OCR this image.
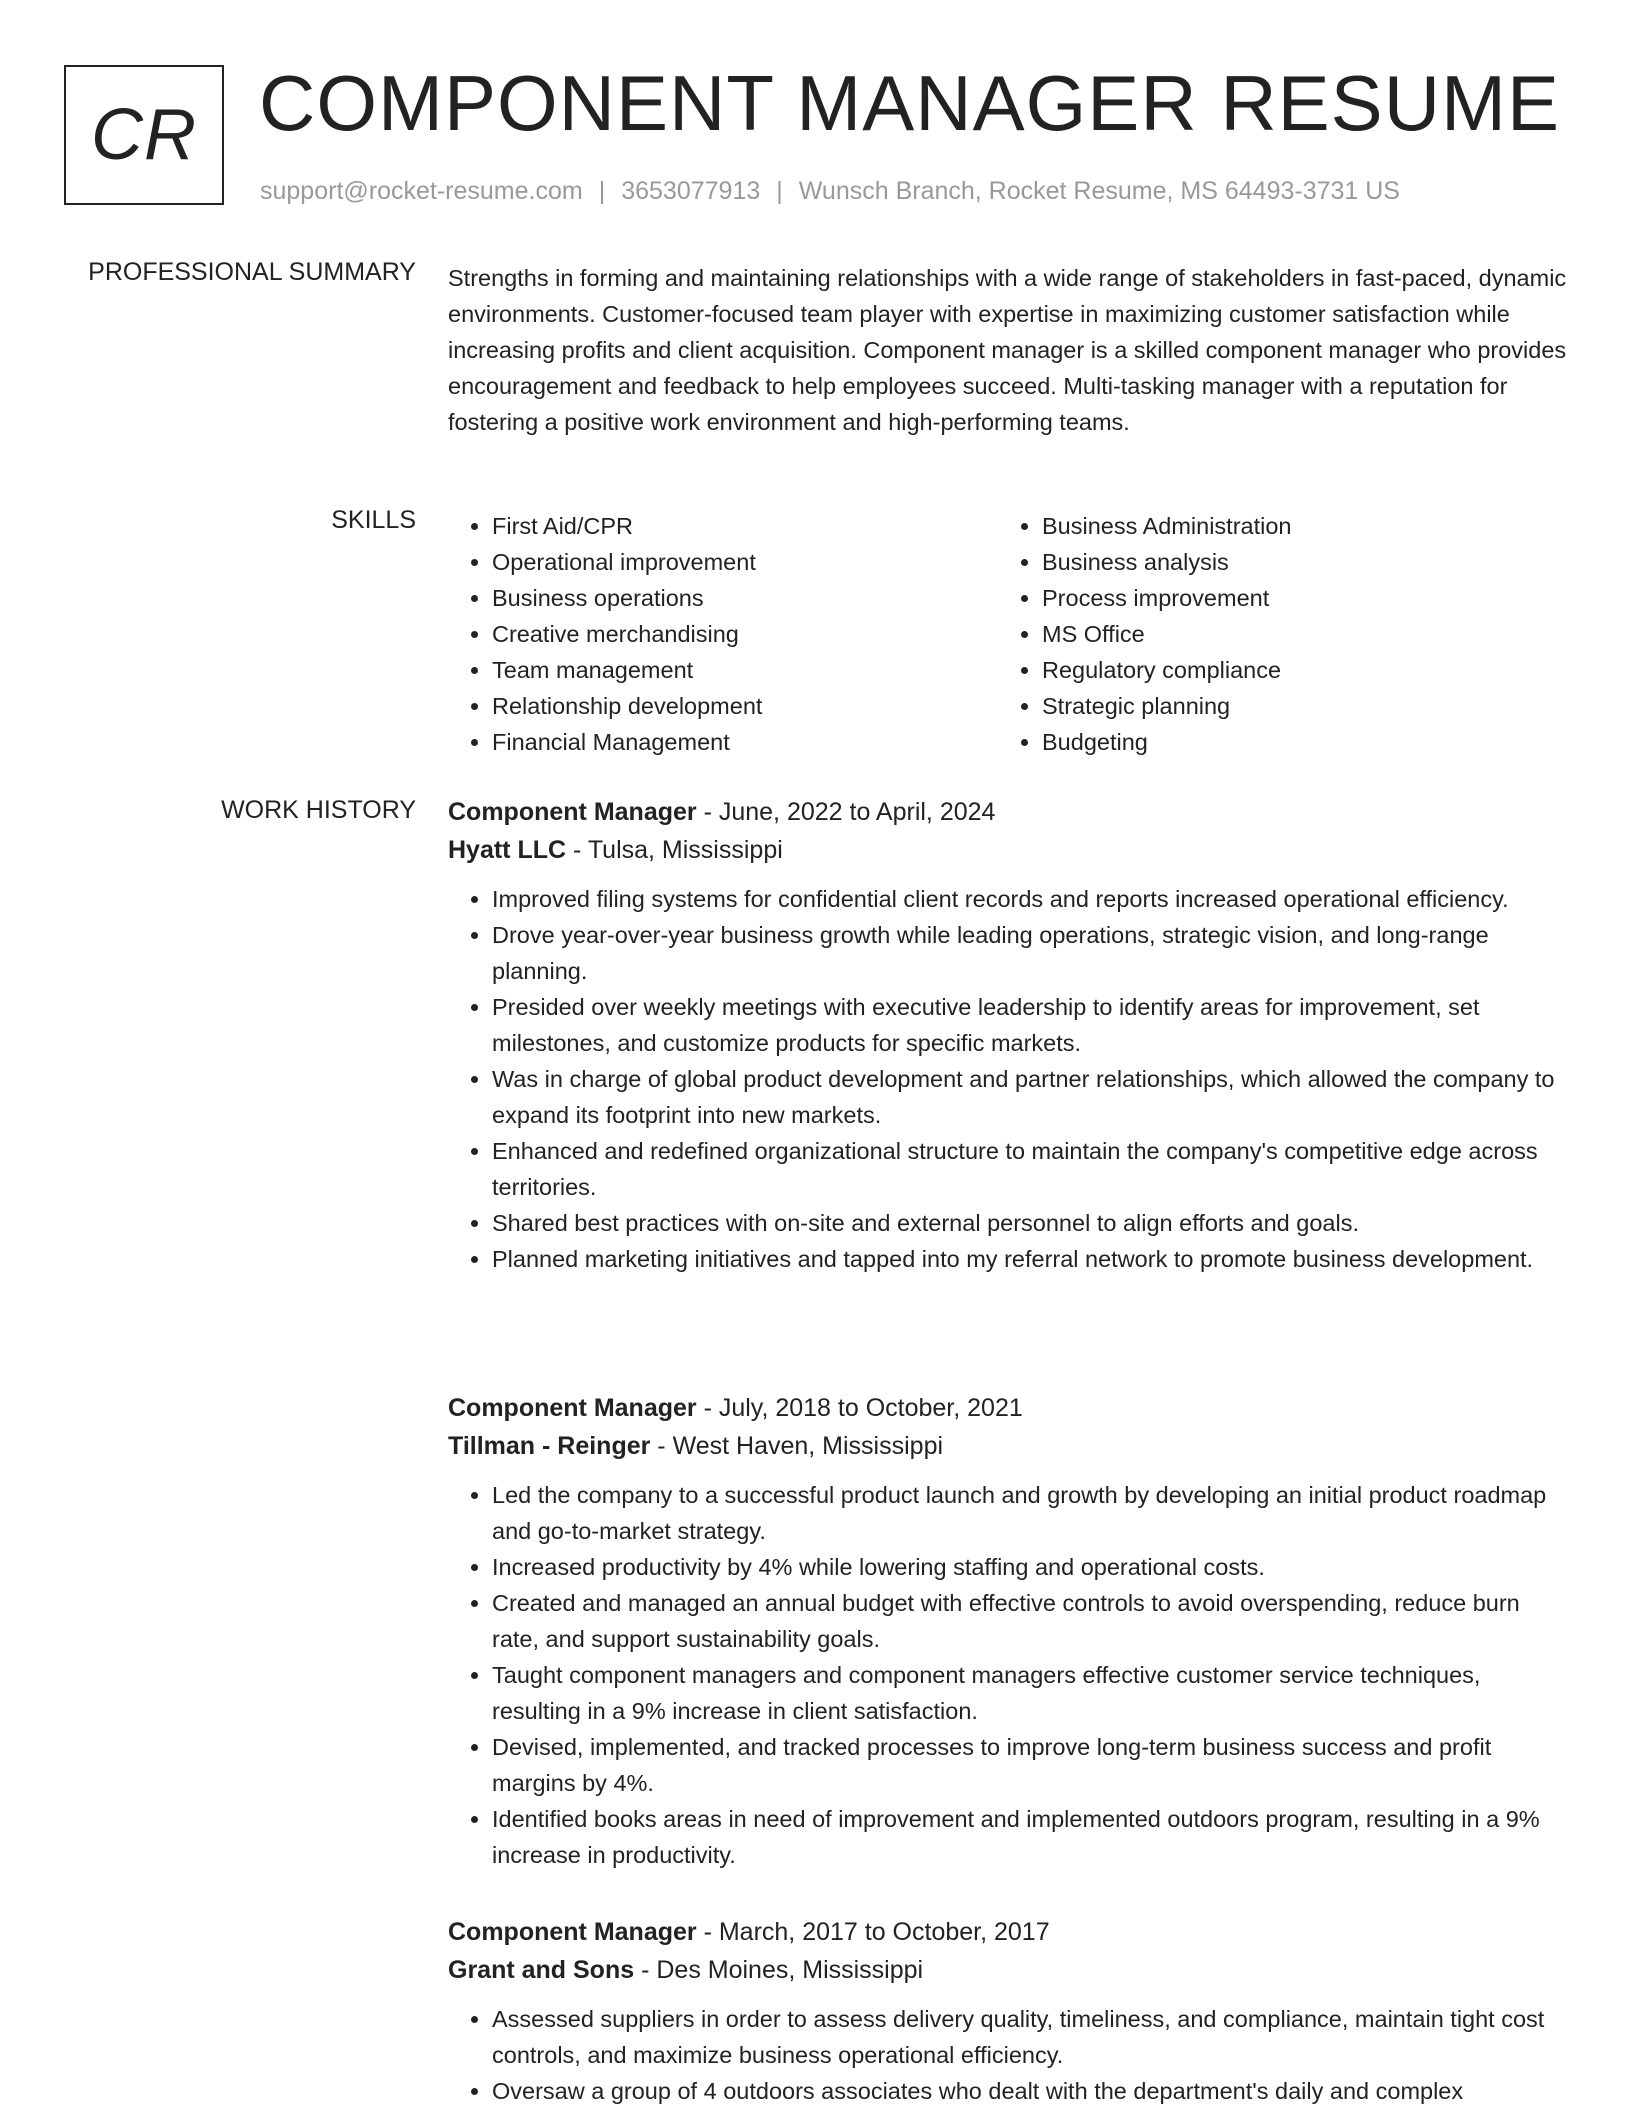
CR COMPONENT MANAGER RESUME
support@rocket-resume.com | 3653077913 | Wunsch Branch, Rocket Resume, MS 64493-3731 US
PROFESSIONAL SUMMARY Strengths in forming and maintaining relationships with a wide range of stakeholders in fast-paced, dynamic environments. Customer-focused team player with expertise in maximizing customer satisfaction while increasing profits and client acquisition. Component manager is a skilled component manager who provides encouragement and feedback to help employees succeed. Multi-tasking manager with a reputation for fostering a positive work environment and high-performing teams.

SKILLS
•	First Aid/CPR
• Operational improvement
• Business operations
• Creative merchandising
• Team management
• Relationship development
• Financial Management
• Business Administration
• Business analysis
• Process improvement
• MS Office
• Regulatory compliance
• Strategic planning
• Budgeting
WORK HISTORY Component Manager - June, 2022 to April, 2024
Hyatt LLC - Tulsa, Mississippi
• Improved filing systems for confidential client records and reports increased operational efficiency.
• Drove year-over-year business growth while leading operations, strategic vision, and long-range planning.
• Presided over weekly meetings with executive leadership to identify areas for improvement, set milestones, and customize products for specific markets.
• Was in charge of global product development and partner relationships, which allowed the company to expand its footprint into new markets.
• Enhanced and redefined organizational structure to maintain the company's competitive edge across territories.
• Shared best practices with on-site and external personnel to align efforts and goals.
• Planned marketing initiatives and tapped into my referral network to promote business development.
Component Manager - July, 2018 to October, 2021
Tillman - Reinger - West Haven, Mississippi
• Led the company to a successful product launch and growth by developing an initial product roadmap and go-to-market strategy.
• Increased productivity by 4% while lowering staffing and operational costs.
• Created and managed an annual budget with effective controls to avoid overspending, reduce burn rate, and support sustainability goals.
• Taught component managers and component managers effective customer service techniques, resulting in a 9% increase in client satisfaction.
• Devised, implemented, and tracked processes to improve long-term business success and profit margins by 4%.
• Identified books areas in need of improvement and implemented outdoors program, resulting in a 9% increase in productivity.
Component Manager - March, 2017 to October, 2017
Grant and Sons - Des Moines, Mississippi
• Assessed suppliers in order to assess delivery quality, timeliness, and compliance, maintain tight cost controls, and maximize business operational efficiency.
• Oversaw a group of 4 outdoors associates who dealt with the department's daily and complex
